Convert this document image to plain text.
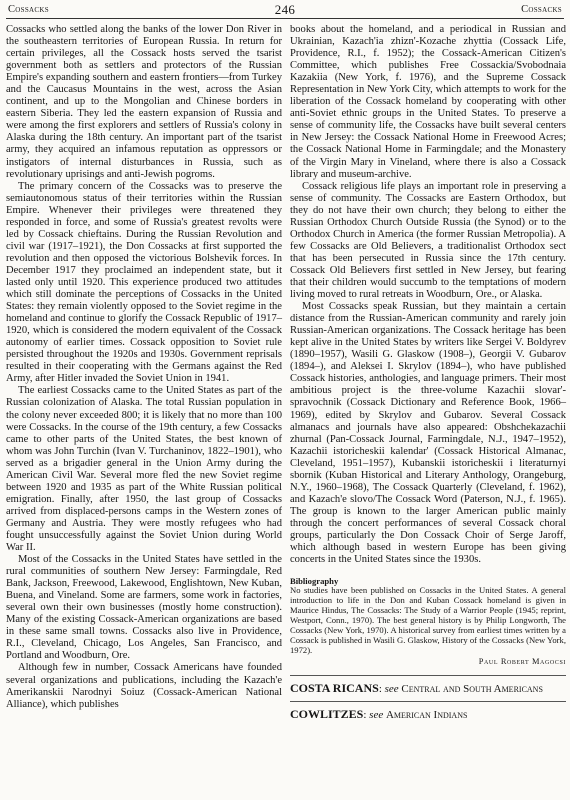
Cossacks	246	Cossacks

Cossacks who settled along the banks of the lower Don River in the southeastern territories of European Russia. In return for certain privileges, all the Cossack hosts served the tsarist government both as settlers and protectors of the Russian Empire's expanding southern and eastern frontiers—from Turkey and the Caucasus Mountains in the west, across the Asian continent, and up to the Mongolian and Chinese borders in eastern Siberia. They led the eastern expansion of Russia and were among the first explorers and settlers of Russia's colony in Alaska during the 18th century. An important part of the tsarist army, they acquired an infamous reputation as oppressors or instigators of internal disturbances in Russia, such as revolutionary uprisings and anti-Jewish pogroms.

The primary concern of the Cossacks was to preserve the semiautonomous status of their territories within the Russian Empire. Whenever their privileges were threatened they responded in force, and some of Russia's greatest revolts were led by Cossack chieftains. During the Russian Revolution and civil war (1917–1921), the Don Cossacks at first supported the revolution and then opposed the victorious Bolshevik forces. In December 1917 they proclaimed an independent state, but it lasted only until 1920. This experience produced two attitudes which still dominate the perceptions of Cossacks in the United States: they remain violently opposed to the Soviet regime in the homeland and continue to glorify the Cossack Republic of 1917–1920, which is considered the modern equivalent of the Cossack autonomy of earlier times. Cossack opposition to Soviet rule persisted throughout the 1920s and 1930s. Government reprisals resulted in their cooperating with the Germans against the Red Army, after Hitler invaded the Soviet Union in 1941.

The earliest Cossacks came to the United States as part of the Russian colonization of Alaska. The total Russian population in the colony never exceeded 800; it is likely that no more than 100 were Cossacks. In the course of the 19th century, a few Cossacks came to other parts of the United States, the best known of whom was John Turchin (Ivan V. Turchaninov, 1822–1901), who served as a brigadier general in the Union Army during the American Civil War. Several more fled the new Soviet regime between 1920 and 1935 as part of the White Russian political emigration. Finally, after 1950, the last group of Cossacks arrived from displaced-persons camps in the Western zones of Germany and Austria. They were mostly refugees who had fought unsuccessfully against the Soviet Union during World War II.

Most of the Cossacks in the United States have settled in the rural communities of southern New Jersey: Farmingdale, Red Bank, Jackson, Freewood, Lakewood, Englishtown, New Kuban, Buena, and Vineland. Some are farmers, some work in factories, several own their own businesses (mostly home construction). Many of the existing Cossack-American organizations are based in these same small towns. Cossacks also live in Providence, R.I., Cleveland, Chicago, Los Angeles, San Francisco, and Portland and Woodburn, Ore.

Although few in number, Cossack Americans have founded several organizations and publications, including the Kazach'e Amerikanskii Narodnyi Soiuz (Cossack-American National Alliance), which publishes

books about the homeland, and a periodical in Russian and Ukrainian, Kazach'ia zhizn'-Kozache zhyttia (Cossack Life, Providence, R.I., f. 1952); the Cossack-American Citizen's Committee, which publishes Free Cossackia/Svobodnaia Kazakiia (New York, f. 1976), and the Supreme Cossack Representation in New York City, which attempts to work for the liberation of the Cossack homeland by cooperating with other anti-Soviet ethnic groups in the United States. To preserve a sense of community life, the Cossacks have built several centers in New Jersey: the Cossack National Home in Freewood Acres; the Cossack National Home in Farmingdale; and the Monastery of the Virgin Mary in Vineland, where there is also a Cossack library and museum-archive.

Cossack religious life plays an important role in preserving a sense of community. The Cossacks are Eastern Orthodox, but they do not have their own church; they belong to either the Russian Orthodox Church Outside Russia (the Synod) or to the Orthodox Church in America (the former Russian Metropolia). A few Cossacks are Old Believers, a traditionalist Orthodox sect that has been persecuted in Russia since the 17th century. Cossack Old Believers first settled in New Jersey, but fearing that their children would succumb to the temptations of modern living moved to rural retreats in Woodburn, Ore., or Alaska.

Most Cossacks speak Russian, but they maintain a certain distance from the Russian-American community and rarely join Russian-American organizations. The Cossack heritage has been kept alive in the United States by writers like Sergei V. Boldyrev (1890–1957), Wasili G. Glaskow (1908–), Georgii V. Gubarov (1894–), and Aleksei I. Skrylov (1894–), who have published Cossack histories, anthologies, and language primers. Their most ambitious project is the three-volume Kazachii slovar'-spravochnik (Cossack Dictionary and Reference Book, 1966–1969), edited by Skrylov and Gubarov. Several Cossack almanacs and journals have also appeared: Obshchekazachii zhurnal (Pan-Cossack Journal, Farmingdale, N.J., 1947–1952), Kazachii istoricheskii kalendar' (Cossack Historical Almanac, Cleveland, 1951–1957), Kubanskii istoricheskii i literaturnyi sbornik (Kuban Historical and Literary Anthology, Orangeburg, N.Y., 1960–1968), The Cossack Quarterly (Cleveland, f. 1962), and Kazach'e slovo/The Cossack Word (Paterson, N.J., f. 1965). The group is known to the larger American public mainly through the concert performances of several Cossack choral groups, particularly the Don Cossack Choir of Serge Jaroff, which although based in western Europe has been giving concerts in the United States since the 1930s.

Bibliography

No studies have been published on Cossacks in the United States. A general introduction to life in the Don and Kuban Cossack homeland is given in Maurice Hindus, The Cossacks: The Study of a Warrior People (1945; reprint, Westport, Conn., 1970). The best general history is by Philip Longworth, The Cossacks (New York, 1970). A historical survey from earliest times written by a Cossack is published in Wasili G. Glaskow, History of the Cossacks (New York, 1972).

Paul Robert Magocsi
COSTA RICANS: see Central and South Americans
COWLITZES: see American Indians
